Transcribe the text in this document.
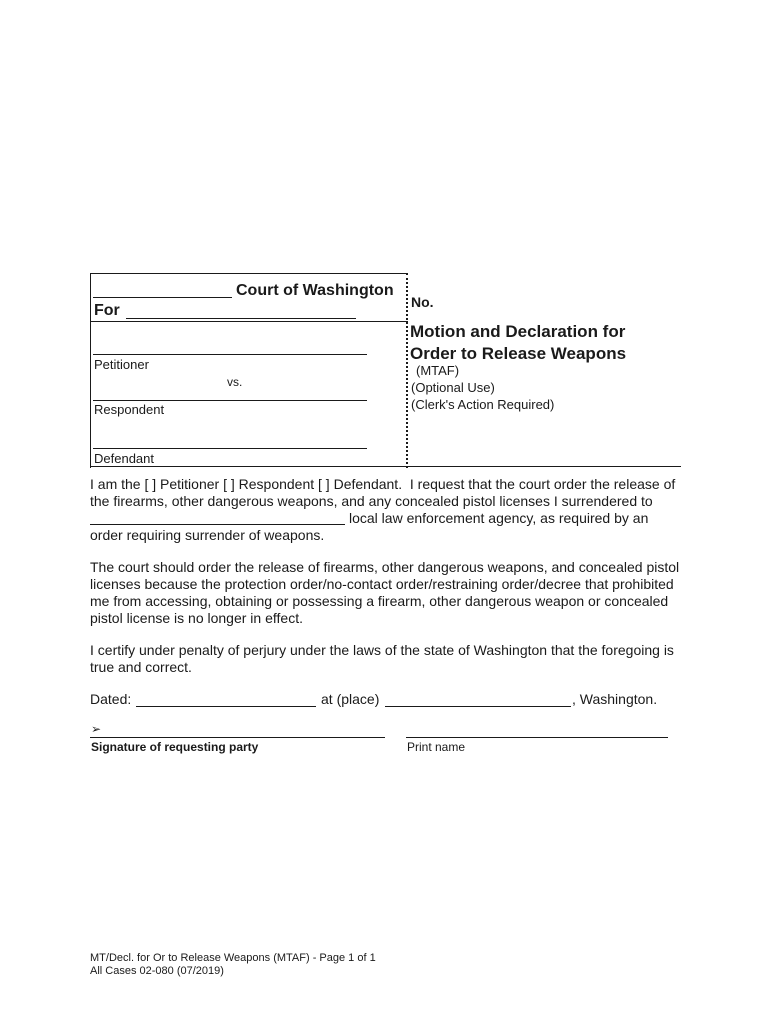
Court of Washington
For
Petitioner
vs.
Respondent
Defendant
No.
Motion and Declaration for
Order to Release Weapons
(MTAF)
(Optional Use)
(Clerk's Action Required)
I am the [ ] Petitioner [ ] Respondent [ ] Defendant. I request that the court order the release of
the firearms, other dangerous weapons, and any concealed pistol licenses I surrendered to
local law enforcement agency, as required by an
order requiring surrender of weapons.
The court should order the release of firearms, other dangerous weapons, and concealed pistol
licenses because the protection order/no-contact order/restraining order/decree that prohibited
me from accessing, obtaining or possessing a firearm, other dangerous weapon or concealed
pistol license is no longer in effect.
I certify under penalty of perjury under the laws of the state of Washington that the foregoing is
true and correct.
Dated:	at (place)	, Washington.
➢
Signature of requesting party	Print name
MT/Decl. for Or to Release Weapons (MTAF) - Page 1 of 1
All Cases 02-080 (07/2019)
